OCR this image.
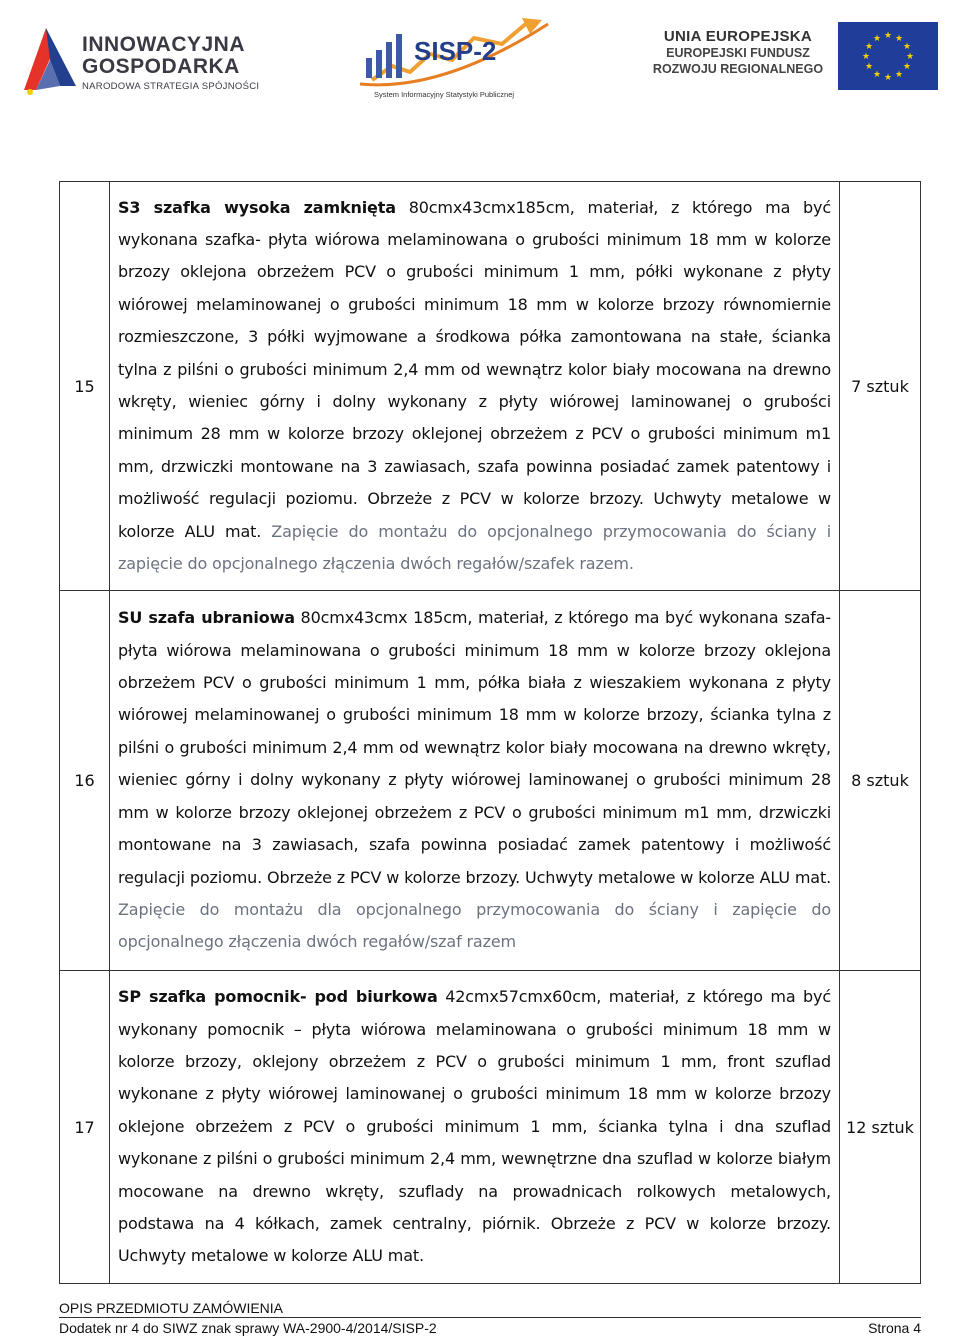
INNOWACYJNA
GOSPODARKA
NARODOWA STRATEGIA SPÓJNOŚCI
SISP-2
System Informacyjny Statystyki Publicznej
UNIA EUROPEJSKA
EUROPEJSKI FUNDUSZ
ROZWOJU REGIONALNEGO
★ ★
★
★
★
★
★
★
★
★
★
★
15	S3 szafka wysoka zamknięta 80cmx43cmx185cm, materiał, z którego ma być wykonana szafka- płyta wiórowa melaminowana o grubości minimum 18 mm w kolorze brzozy oklejona obrzeżem PCV o grubości minimum 1 mm, półki wykonane z płyty wiórowej melaminowanej o grubości minimum 18 mm w kolorze brzozy równomiernie rozmieszczone, 3 półki wyjmowane a środkowa półka zamontowana na stałe, ścianka tylna z pilśni o grubości minimum 2,4 mm od wewnątrz kolor biały mocowana na drewno wkręty, wieniec górny i dolny wykonany z płyty wiórowej laminowanej o grubości minimum 28 mm w kolorze brzozy oklejonej obrzeżem z PCV o grubości minimum m1 mm, drzwiczki montowane na 3 zawiasach, szafa powinna posiadać zamek patentowy i możliwość regulacji poziomu. Obrzeże z PCV w kolorze brzozy. Uchwyty metalowe w kolorze ALU mat. Zapięcie do montażu do opcjonalnego przymocowania do ściany i zapięcie do opcjonalnego złączenia dwóch regałów/szafek razem.	7 sztuk
16	SU szafa ubraniowa 80cmx43cmx 185cm, materiał, z którego ma być wykonana szafa- płyta wiórowa melaminowana o grubości minimum 18 mm w kolorze brzozy oklejona obrzeżem PCV o grubości minimum 1 mm, półka biała z wieszakiem wykonana z płyty wiórowej melaminowanej o grubości minimum 18 mm w kolorze brzozy, ścianka tylna z pilśni o grubości minimum 2,4 mm od wewnątrz kolor biały mocowana na drewno wkręty, wieniec górny i dolny wykonany z płyty wiórowej laminowanej o grubości minimum 28 mm w kolorze brzozy oklejonej obrzeżem z PCV o grubości minimum m1 mm, drzwiczki montowane na 3 zawiasach, szafa powinna posiadać zamek patentowy i możliwość regulacji poziomu. Obrzeże z PCV w kolorze brzozy. Uchwyty metalowe w kolorze ALU mat. Zapięcie do montażu dla opcjonalnego przymocowania do ściany i zapięcie do opcjonalnego złączenia dwóch regałów/szaf razem	8 sztuk
17	SP szafka pomocnik- pod biurkowa 42cmx57cmx60cm, materiał, z którego ma być wykonany pomocnik – płyta wiórowa melaminowana o grubości minimum 18 mm w kolorze brzozy, oklejony obrzeżem z PCV o grubości minimum 1 mm, front szuflad wykonane z płyty wiórowej laminowanej o grubości minimum 18 mm w kolorze brzozy oklejone obrzeżem z PCV o grubości minimum 1 mm, ścianka tylna i dna szuflad wykonane z pilśni o grubości minimum 2,4 mm, wewnętrzne dna szuflad w kolorze białym mocowane na drewno wkręty, szuflady na prowadnicach rolkowych metalowych, podstawa na 4 kółkach, zamek centralny, piórnik. Obrzeże z PCV w kolorze brzozy. Uchwyty metalowe w kolorze ALU mat.	12 sztuk
OPIS PRZEDMIOTU ZAMÓWIENIA
Dodatek nr 4 do SIWZ znak sprawy WA-2900-4/2014/SISP-2	Strona 4
